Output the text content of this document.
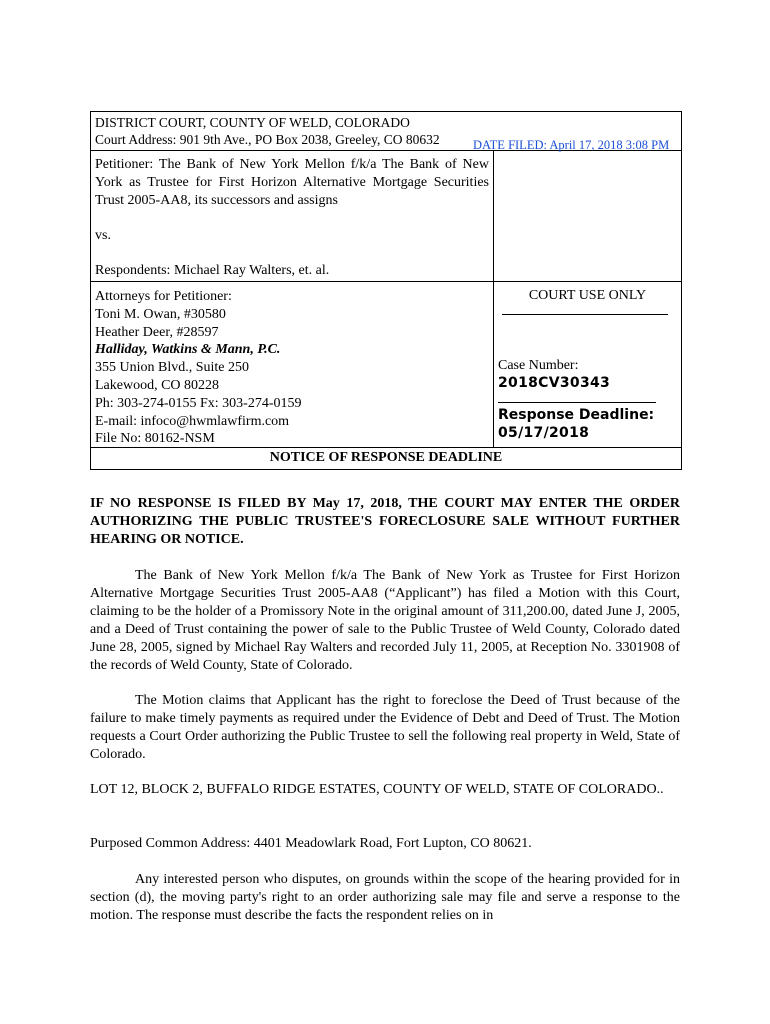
DISTRICT COURT, COUNTY OF WELD, COLORADO
Court Address: 901 9th Ave., PO Box 2038, Greeley, CO 80632	DATE FILED: April 17, 2018 3:08 PM

Petitioner: The Bank of New York Mellon f/k/a The Bank of New York as Trustee for First Horizon Alternative Mortgage Securities Trust 2005-AA8, its successors and assigns

vs.

Respondents: Michael Ray Walters, et. al.

Attorneys for Petitioner:
Toni M. Owan, #30580
Heather Deer, #28597
Halliday, Watkins & Mann, P.C.
355 Union Blvd., Suite 250
Lakewood, CO 80228
Ph: 303-274-0155 Fx: 303-274-0159
E-mail: infoco@hwmlawfirm.com
File No: 80162-NSM
COURT USE ONLY
Case Number:
2018CV30343
Response Deadline:
05/17/2018
NOTICE OF RESPONSE DEADLINE
IF NO RESPONSE IS FILED BY May 17, 2018, THE COURT MAY ENTER THE ORDER AUTHORIZING THE PUBLIC TRUSTEE'S FORECLOSURE SALE WITHOUT FURTHER HEARING OR NOTICE.
The Bank of New York Mellon f/k/a The Bank of New York as Trustee for First Horizon Alternative Mortgage Securities Trust 2005-AA8 (“Applicant”) has filed a Motion with this Court, claiming to be the holder of a Promissory Note in the original amount of 311,200.00, dated June J, 2005, and a Deed of Trust containing the power of sale to the Public Trustee of Weld County, Colorado dated June 28, 2005, signed by Michael Ray Walters and recorded July 11, 2005, at Reception No. 3301908 of the records of Weld County, State of Colorado.
The Motion claims that Applicant has the right to foreclose the Deed of Trust because of the failure to make timely payments as required under the Evidence of Debt and Deed of Trust. The Motion requests a Court Order authorizing the Public Trustee to sell the following real property in Weld, State of Colorado.
LOT 12, BLOCK 2, BUFFALO RIDGE ESTATES, COUNTY OF WELD, STATE OF COLORADO..
Purposed Common Address: 4401 Meadowlark Road, Fort Lupton, CO 80621.
Any interested person who disputes, on grounds within the scope of the hearing provided for in section (d), the moving party's right to an order authorizing sale may file and serve a response to the motion. The response must describe the facts the respondent relies on in
